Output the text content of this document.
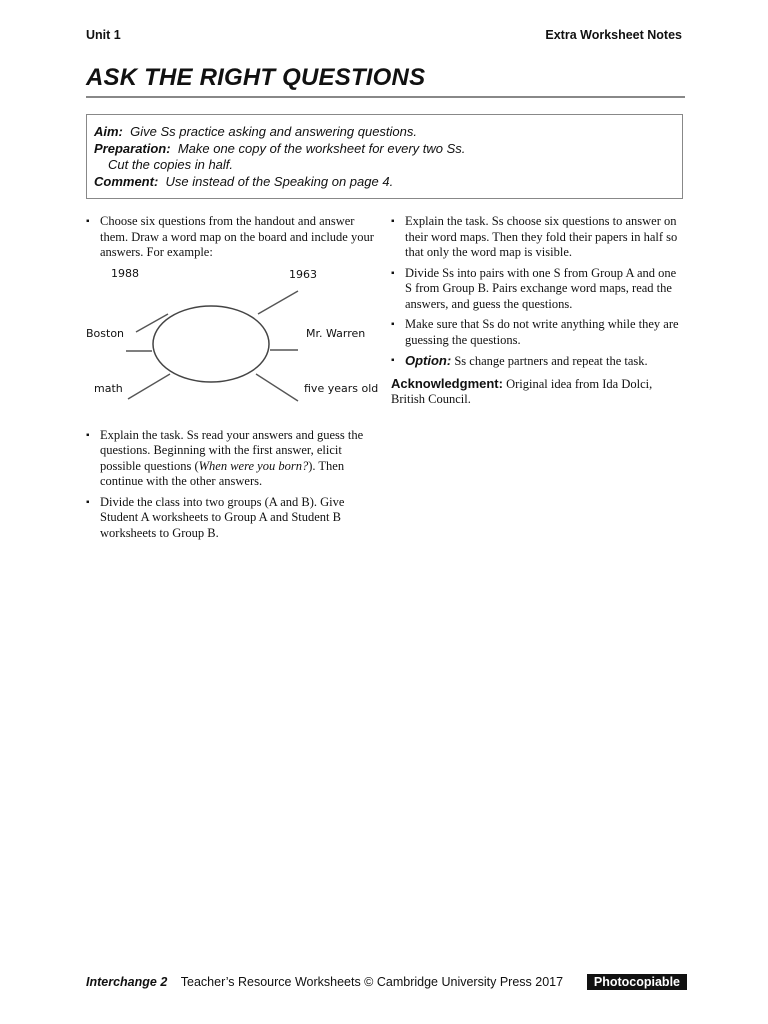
Unit 1	Extra Worksheet Notes
ASK THE RIGHT QUESTIONS
Aim: Give Ss practice asking and answering questions.
Preparation: Make one copy of the worksheet for every two Ss.
Cut the copies in half.
Comment: Use instead of the Speaking on page 4.
▪ Choose six questions from the handout and answer them. Draw a word map on the board and include your answers. For example:
1988	1963
Boston	Mr. Warren
math	five years old
▪ Explain the task. Ss read your answers and guess the questions. Beginning with the first answer, elicit possible questions (When were you born?). Then continue with the other answers.
▪ Divide the class into two groups (A and B). Give Student A worksheets to Group A and Student B worksheets to Group B.
▪ Explain the task. Ss choose six questions to answer on their word maps. Then they fold their papers in half so that only the word map is visible.
▪ Divide Ss into pairs with one S from Group A and one S from Group B. Pairs exchange word maps, read the answers, and guess the questions.
▪ Make sure that Ss do not write anything while they are guessing the questions.
▪ Option: Ss change partners and repeat the task.
Acknowledgment: Original idea from Ida Dolci, British Council.
Interchange 2 Teacher’s Resource Worksheets © Cambridge University Press 2017	Photocopiable
